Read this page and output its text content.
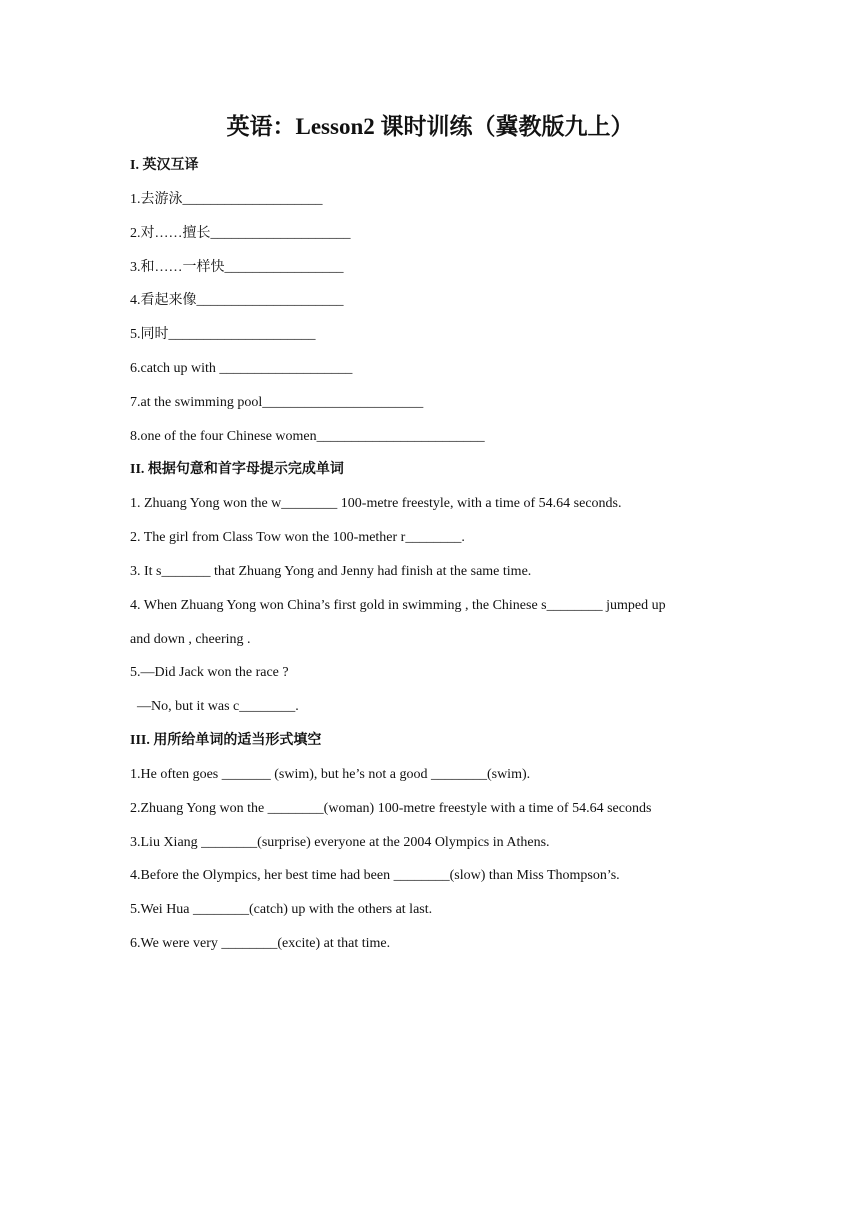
英语：Lesson2 课时训练（冀教版九上）
I. 英汉互译
1.去游泳____________________
2.对……擅长____________________
3.和……一样快_________________
4.看起来像_____________________
5.同时_____________________
6.catch up with ___________________
7.at the swimming pool_______________________
8.one of the four Chinese women________________________
II. 根据句意和首字母提示完成单词
1. Zhuang Yong won the w________ 100-metre freestyle, with a time of 54.64 seconds.
2. The girl from Class Tow won the 100-mether r________.
3. It s_______ that Zhuang Yong and Jenny had finish at the same time.
4. When Zhuang Yong won China’s first gold in swimming , the Chinese s________ jumped up
and down , cheering .
5.—Did Jack won the race ?
—No, but it was c________.
III. 用所给单词的适当形式填空
1.He often goes _______ (swim), but he’s not a good ________(swim).
2.Zhuang Yong won the ________(woman) 100-metre freestyle with a time of 54.64 seconds
3.Liu Xiang ________(surprise) everyone at the 2004 Olympics in Athens.
4.Before the Olympics, her best time had been ________(slow) than Miss Thompson’s.
5.Wei Hua ________(catch) up with the others at last.
6.We were very ________(excite) at that time.
